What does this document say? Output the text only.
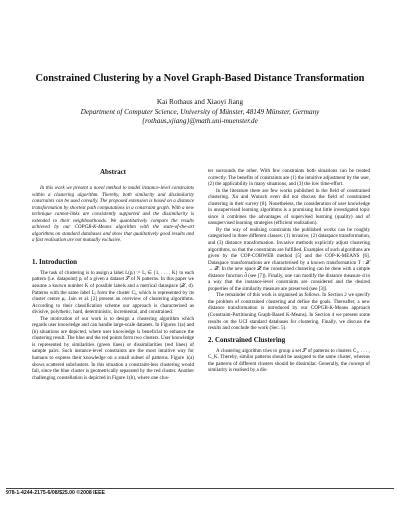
Constrained Clustering by a Novel Graph-Based Distance Transformation
Kai Rothaus and Xiaoyi Jiang
Department of Computer Science, University of Münster, 48149 Münster, Germany
{rothaus,xjiang}@math.uni-muenster.de
Abstract

In this work we present a novel method to model instance-level constraints within a clustering algorithm. Thereby, both similarity and dissimilarity constraints can be used coreally. The proposed extension is based on a distance transformation by shortest path computations in a constraint graph. With a new technique cannot-links are consistently supported and the dissimilarity is extended to their neighbourhoods. We quantitatively compare the results achieved by our COPGB-K-Means algorithm with the state-of-the-art algorithms on standard databases and show that qualitatively good results and a fast realisation are not mutually exclusive.

1. Introduction

The task of clustering is to assign a label L(pᵢ) := Lᵢ ∈ {1, . . . , K} to each pattern (i.e. datapoint) pᵢ of a given a dataset 𝒮 of N patterns. In this paper we assume a known number K of possible labels and a metrical dataspace (𝒳, d). Patterns with the same label Lⱼ form the cluster Cⱼ, which is represented by its cluster centre μⱼ. Jain et al. [2] present an overview of clustering algorithms. According to their classification scheme our approach is characterised as divisive, polythetic, hard, deterministic, incremental, and constrained.

The motivation of our work is to design a clustering algorithm which regards user knowledge and can handle large-scale datasets. In Figures 1(a) and (b) situations are depicted, where user knowledge is beneficial to enhance the clustering result. The blue and the red points form two clusters. User knowledge is represented by similarities (green lines) or dissimilarities (red lines) of sample pairs. Such instance-level constraints are the most intuitive way for humans to express their knowledge on a small subset of patterns. Figure 1(a) shows scattered subclusters. In this situation a constraint-less clustering would fail, since the blue cluster is geometrically separated by the red cluster. Another challenging constellation is depicted in Figure 1(b), where one clus-

ter surrounds the other. With few constraints both situations can be treated correctly. The benefits of constraints are (1) the intuitive adjustment by the user, (2) the applicability in many situations, and (3) the low time-effort.

In the literature there are few works published in the field of constrained clustering. Xu and Wunsch even did not discuss the field of constrained clustering in their survey [8]. Nonetheless, the consideration of user knowledge in unsupervised learning algorithms is a promising but little investigated topic since it combines the advantages of supervised learning (quality) and of unsupervised learning strategies (efficient realisation).

By the way of realising constraints the published works can be roughly categorised in three different classes: (1) invasive, (2) dataspace transformation, and (3) distance transformation. Invasive methods explicitly adjust clustering algorithms, so that the constraints are fulfilled. Examples of such algorithms are given by the COP-COBWEB method [5] and the COP-K-MEANS [6]. Dataspace transformations are characterised by a known transformation T : 𝒳 → 𝒳̃. In the new space 𝒳̃ the constrained clustering can be done with a simple distance function d̃ (see [7]). Finally, one can modify the distance measure d in a way that the instance-level constraints are considered and the desired properties of the similarity measure are preserved (see [3]).

The remainder of this work is organised as follows. In Section 2 we specify the problem of constrained clustering and define the goals. Thereafter, a new distance transformation is introduced by our COPGB-K-Means approach (Constraint-Partitioning Graph-Based K-Means). In Section 4 we present some results on the UCI standard databases for clustering. Finally, we discuss the results and conclude the work (Sec. 5).

2. Constrained Clustering

A clustering algorithm tries to group a set 𝒮 of patterns to clusters C₁, . . . , C_K. Thereby, similar patterns should be assigned to the same cluster, whereas the patterns of different clusters should be dissimilar. Generally, the concept of similarity is realised by a dis-

978-1-4244-2175-6/08/$25.00 ©2008 IEEE
